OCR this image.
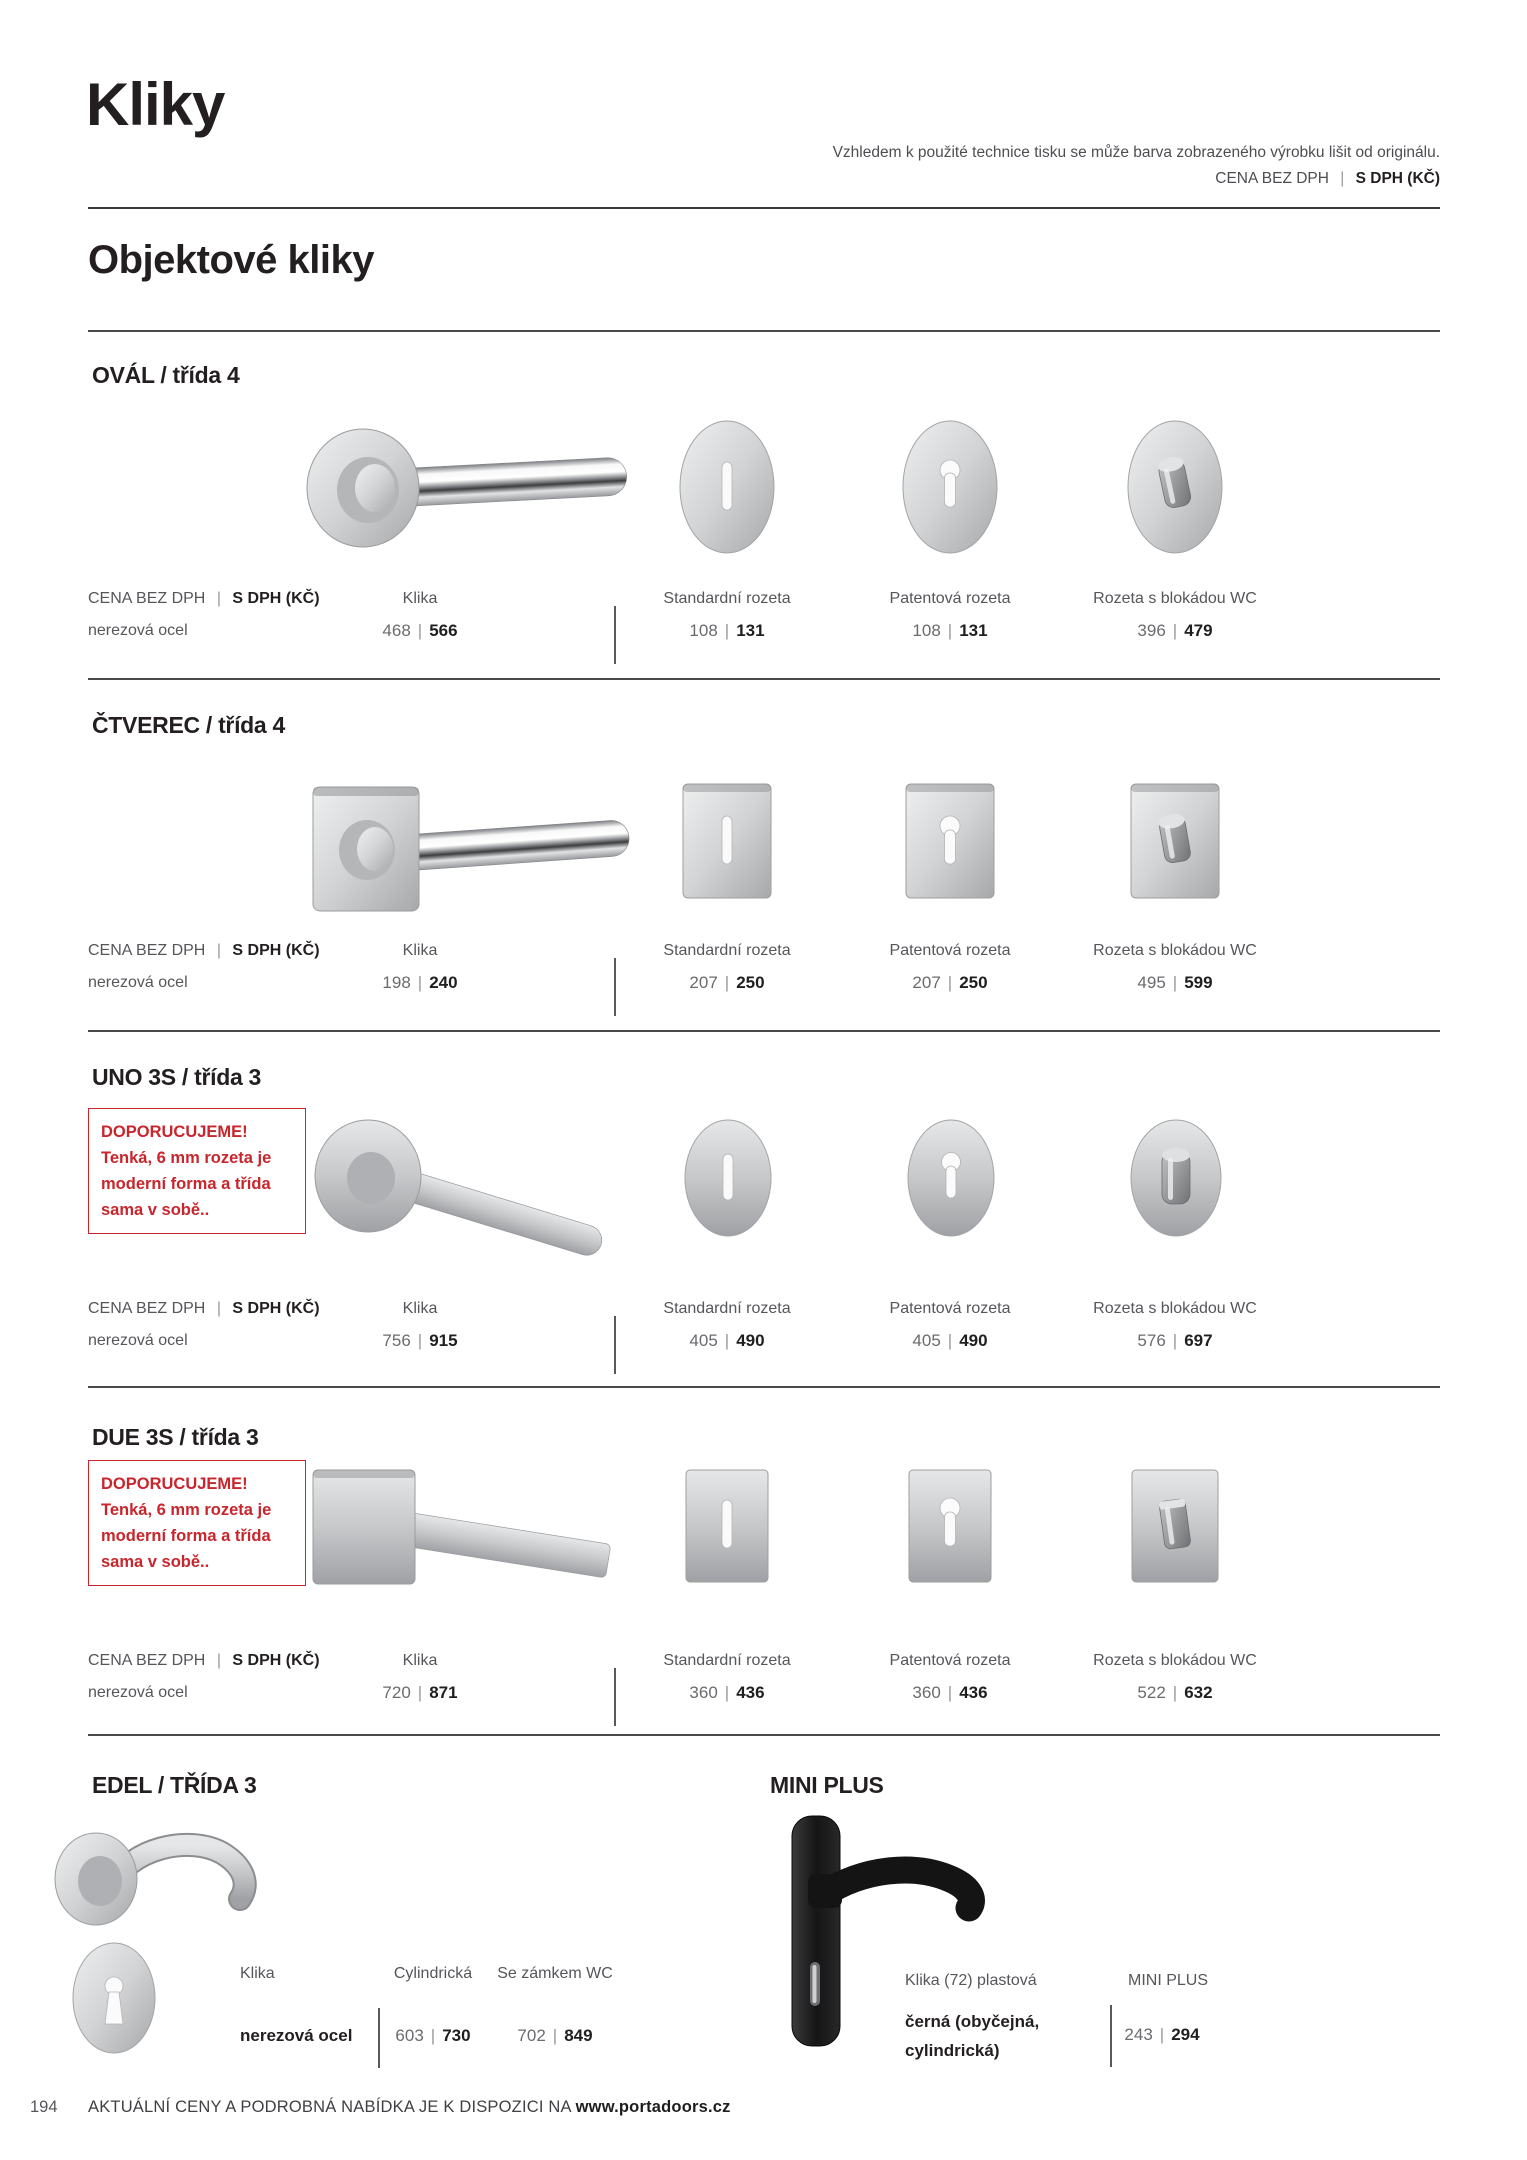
Kliky
Vzhledem k použité technice tisku se může barva zobrazeného výrobku lišit od originálu.
CENA BEZ DPH | S DPH (KČ)
Objektové kliky
OVÁL / třída 4
CENA BEZ DPH | S DPH (KČ)	Klika	Standardní rozeta	Patentová rozeta	Rozeta s blokádou WC
nerezová ocel	468 | 566	108 | 131	108 | 131	396 | 479
ČTVEREC / třída 4
CENA BEZ DPH | S DPH (KČ)	Klika	Standardní rozeta	Patentová rozeta	Rozeta s blokádou WC
nerezová ocel	198 | 240	207 | 250	207 | 250	495 | 599
UNO 3S / třída 3
DOPORUCUJEME!
Tenká, 6 mm rozeta je
moderní forma a třída
sama v sobě..
CENA BEZ DPH | S DPH (KČ)	Klika	Standardní rozeta	Patentová rozeta	Rozeta s blokádou WC
nerezová ocel	756 | 915	405 | 490	405 | 490	576 | 697
DUE 3S / třída 3
DOPORUCUJEME!
Tenká, 6 mm rozeta je
moderní forma a třída
sama v sobě..
CENA BEZ DPH | S DPH (KČ)	Klika	Standardní rozeta	Patentová rozeta	Rozeta s blokádou WC
nerezová ocel	720 | 871	360 | 436	360 | 436	522 | 632
EDEL / TŘÍDA 3	MINI PLUS
Klika	Cylindrická	Se zámkem WC
nerezová ocel	603 | 730	702 | 849
Klika (72) plastová	MINI PLUS
černá (obyčejná,
cylindrická)
243 | 294
194 AKTUÁLNÍ CENY A PODROBNÁ NABÍDKA JE K DISPOZICI NA www.portadoors.cz
